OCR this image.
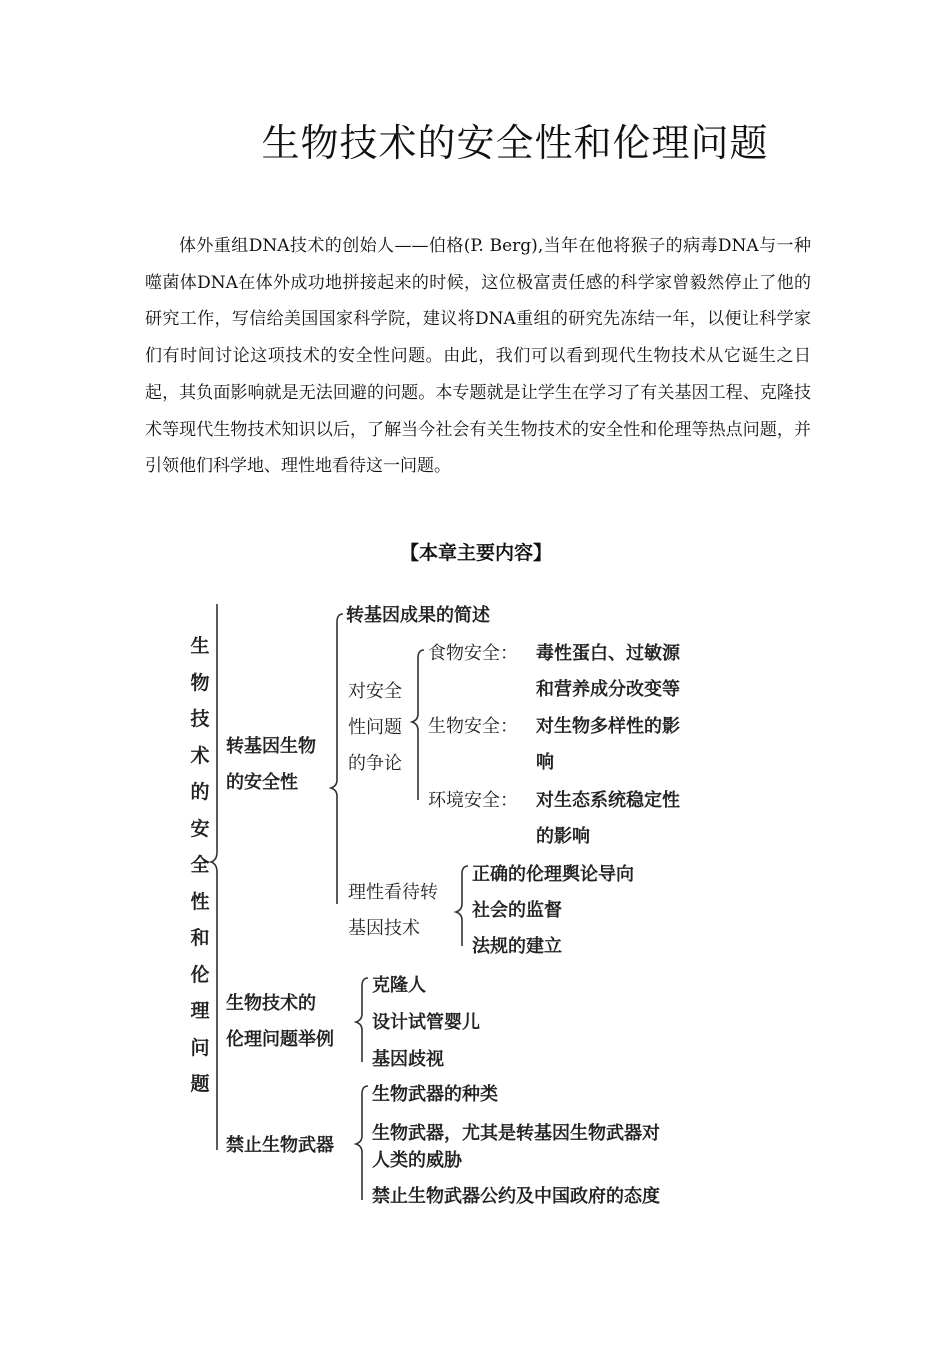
生物技术的安全性和伦理问题

体外重组DNA技术的创始人——伯格(P. Berg),当年在他将猴子的病毒DNA与一种噬菌体DNA在体外成功地拼接起来的时候，这位极富责任感的科学家曾毅然停止了他的研究工作，写信给美国国家科学院，建议将DNA重组的研究先冻结一年，以便让科学家们有时间讨论这项技术的安全性问题。由此，我们可以看到现代生物技术从它诞生之日起，其负面影响就是无法回避的问题。本专题就是让学生在学习了有关基因工程、克隆技术等现代生物技术知识以后，了解当今社会有关生物技术的安全性和伦理等热点问题，并引领他们科学地、理性地看待这一问题。

【本章主要内容】
生
物
技
术
的
安
全
性
和
伦
理
问
题
转基因生物
的安全性
转基因成果的简述
对安全
性问题
的争论
食物安全： 毒性蛋白、过敏源
和营养成分改变等
生物安全： 对生物多样性的影
响
环境安全： 对生态系统稳定性
的影响
理性看待转
基因技术
正确的伦理舆论导向
社会的监督
法规的建立
生物技术的
伦理问题举例
克隆人
设计试管婴儿
基因歧视
禁止生物武器
生物武器的种类
生物武器，尤其是转基因生物武器对
人类的威胁
禁止生物武器公约及中国政府的态度
